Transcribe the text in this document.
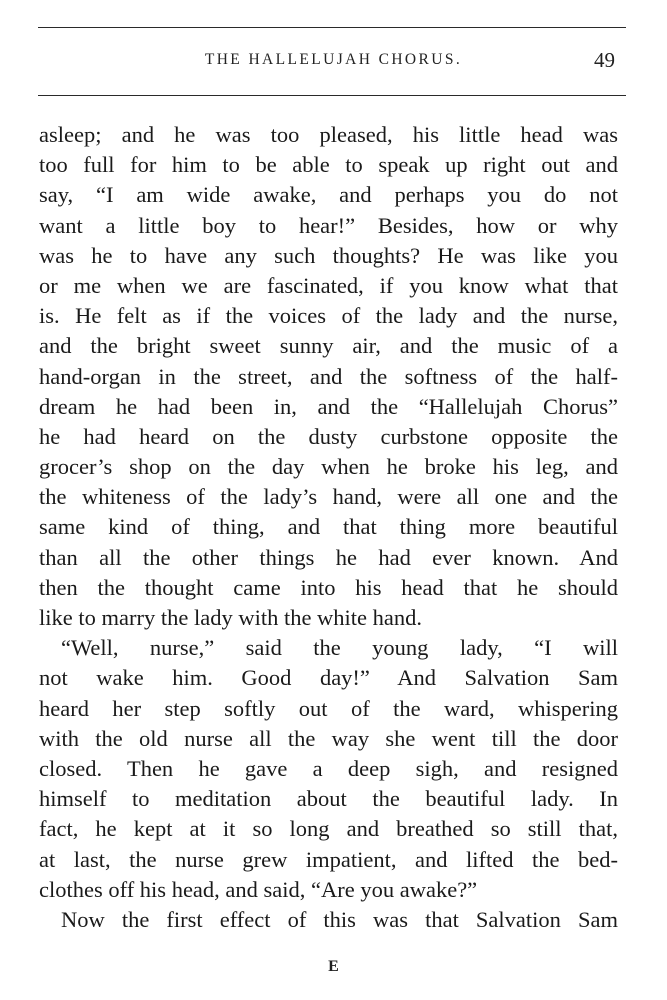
THE HALLELUJAH CHORUS.	49
asleep; and he was too pleased, his little head was
too full for him to be able to speak up right out and
say, “I am wide awake, and perhaps you do not
want a little boy to hear!” Besides, how or why
was he to have any such thoughts? He was like you
or me when we are fascinated, if you know what that
is. He felt as if the voices of the lady and the nurse,
and the bright sweet sunny air, and the music of a
hand-organ in the street, and the softness of the half-
dream he had been in, and the “Hallelujah Chorus”
he had heard on the dusty curbstone opposite the
grocer’s shop on the day when he broke his leg, and
the whiteness of the lady’s hand, were all one and the
same kind of thing, and that thing more beautiful
than all the other things he had ever known. And
then the thought came into his head that he should
like to marry the lady with the white hand.
“Well, nurse,” said the young lady, “I will
not wake him. Good day!” And Salvation Sam
heard her step softly out of the ward, whispering
with the old nurse all the way she went till the door
closed. Then he gave a deep sigh, and resigned
himself to meditation about the beautiful lady. In
fact, he kept at it so long and breathed so still that,
at last, the nurse grew impatient, and lifted the bed-
clothes off his head, and said, “Are you awake?”
Now the first effect of this was that Salvation Sam
E
